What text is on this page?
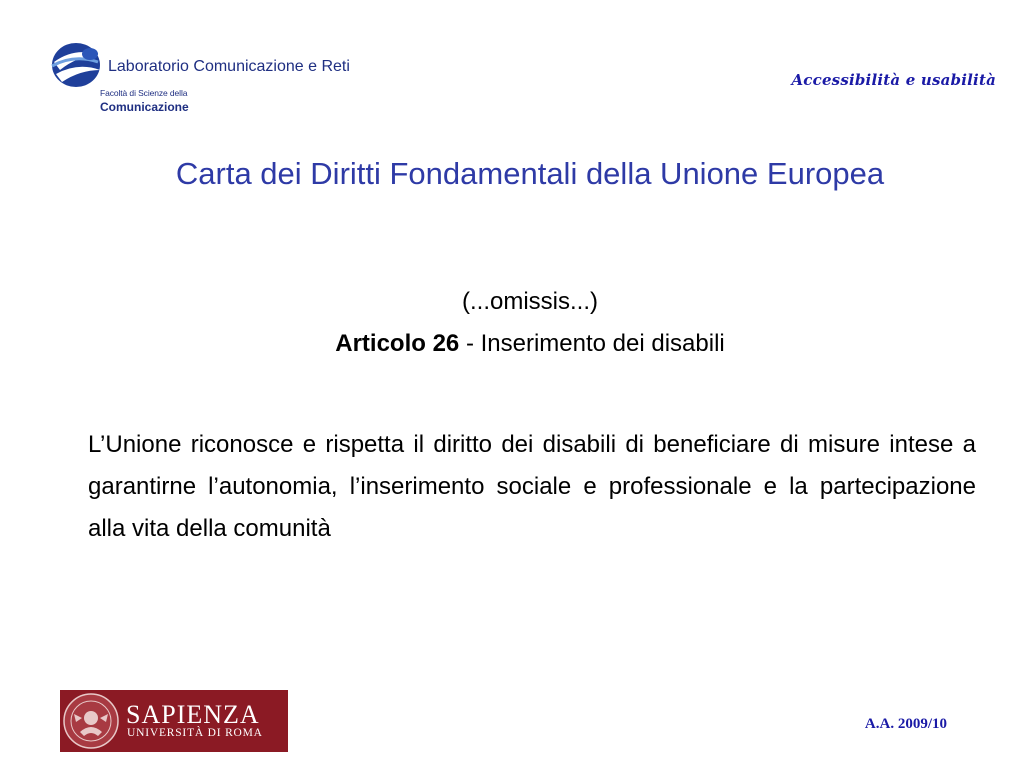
Laboratorio Comunicazione e Reti
Facoltà di Scienze della
Comunicazione
Accessibilità e usabilità
Carta dei Diritti Fondamentali della Unione Europea
(...omissis...)
Articolo 26 - Inserimento dei disabili
L’Unione riconosce e rispetta il diritto dei disabili di beneficiare di misure intese a garantirne l’autonomia, l’inserimento sociale e professionale e la partecipazione alla vita della comunità
SAPIENZA
UNIVERSITÀ DI ROMA
A.A. 2009/10
